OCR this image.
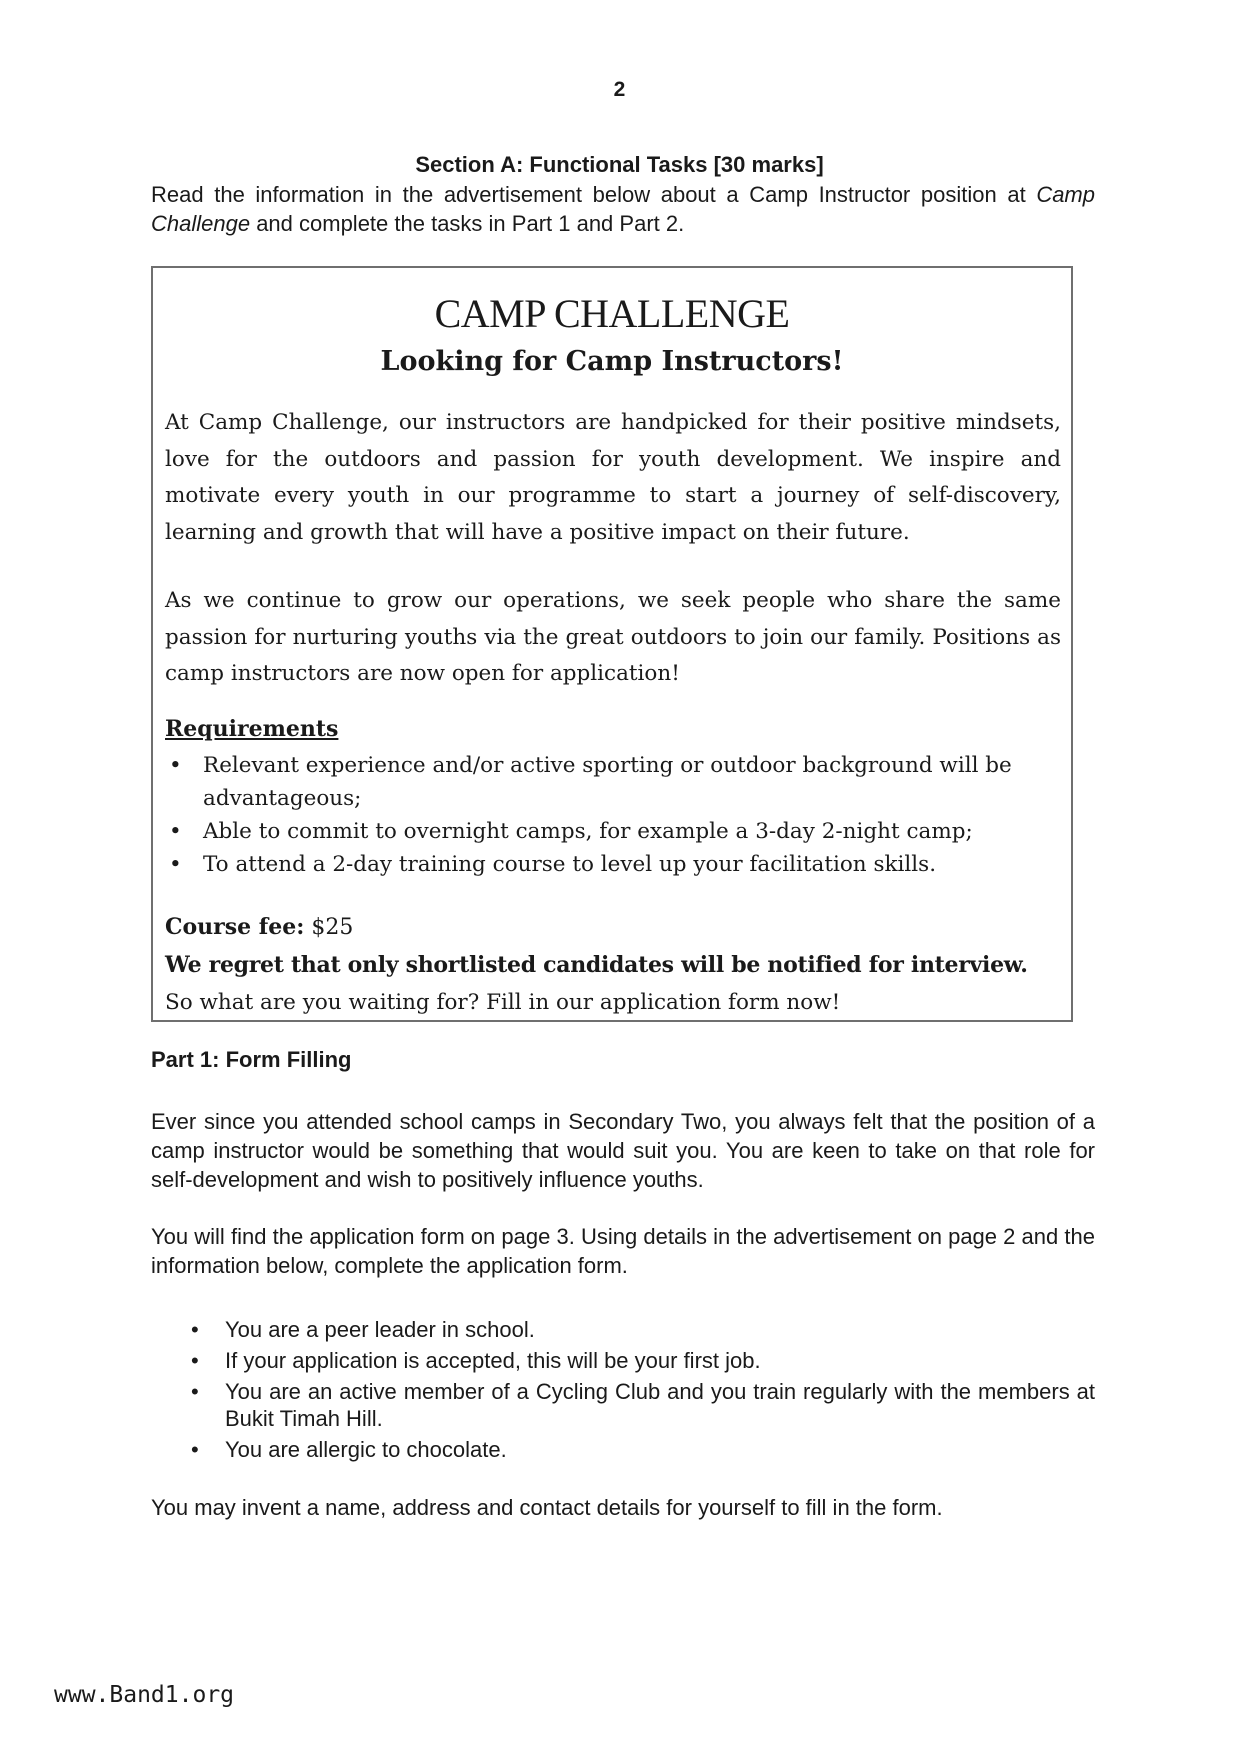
2
Section A: Functional Tasks [30 marks]

Read the information in the advertisement below about a Camp Instructor position at Camp Challenge and complete the tasks in Part 1 and Part 2.

CAMP CHALLENGE
Looking for Camp Instructors!

At Camp Challenge, our instructors are handpicked for their positive mindsets, love for the outdoors and passion for youth development. We inspire and motivate every youth in our programme to start a journey of self-discovery, learning and growth that will have a positive impact on their future.

As we continue to grow our operations, we seek people who share the same passion for nurturing youths via the great outdoors to join our family. Positions as camp instructors are now open for application!

Requirements

• Relevant experience and/or active sporting or outdoor background will be advantageous;
• Able to commit to overnight camps, for example a 3-day 2-night camp;
• To attend a 2-day training course to level up your facilitation skills.

Course fee: $25

We regret that only shortlisted candidates will be notified for interview.

So what are you waiting for? Fill in our application form now!

Part 1: Form Filling

Ever since you attended school camps in Secondary Two, you always felt that the position of a camp instructor would be something that would suit you. You are keen to take on that role for self-development and wish to positively influence youths.

You will find the application form on page 3. Using details in the advertisement on page 2 and the information below, complete the application form.

• You are a peer leader in school.
• If your application is accepted, this will be your first job.
• You are an active member of a Cycling Club and you train regularly with the members at Bukit Timah Hill.
• You are allergic to chocolate.

You may invent a name, address and contact details for yourself to fill in the form.

www.Band1.org
